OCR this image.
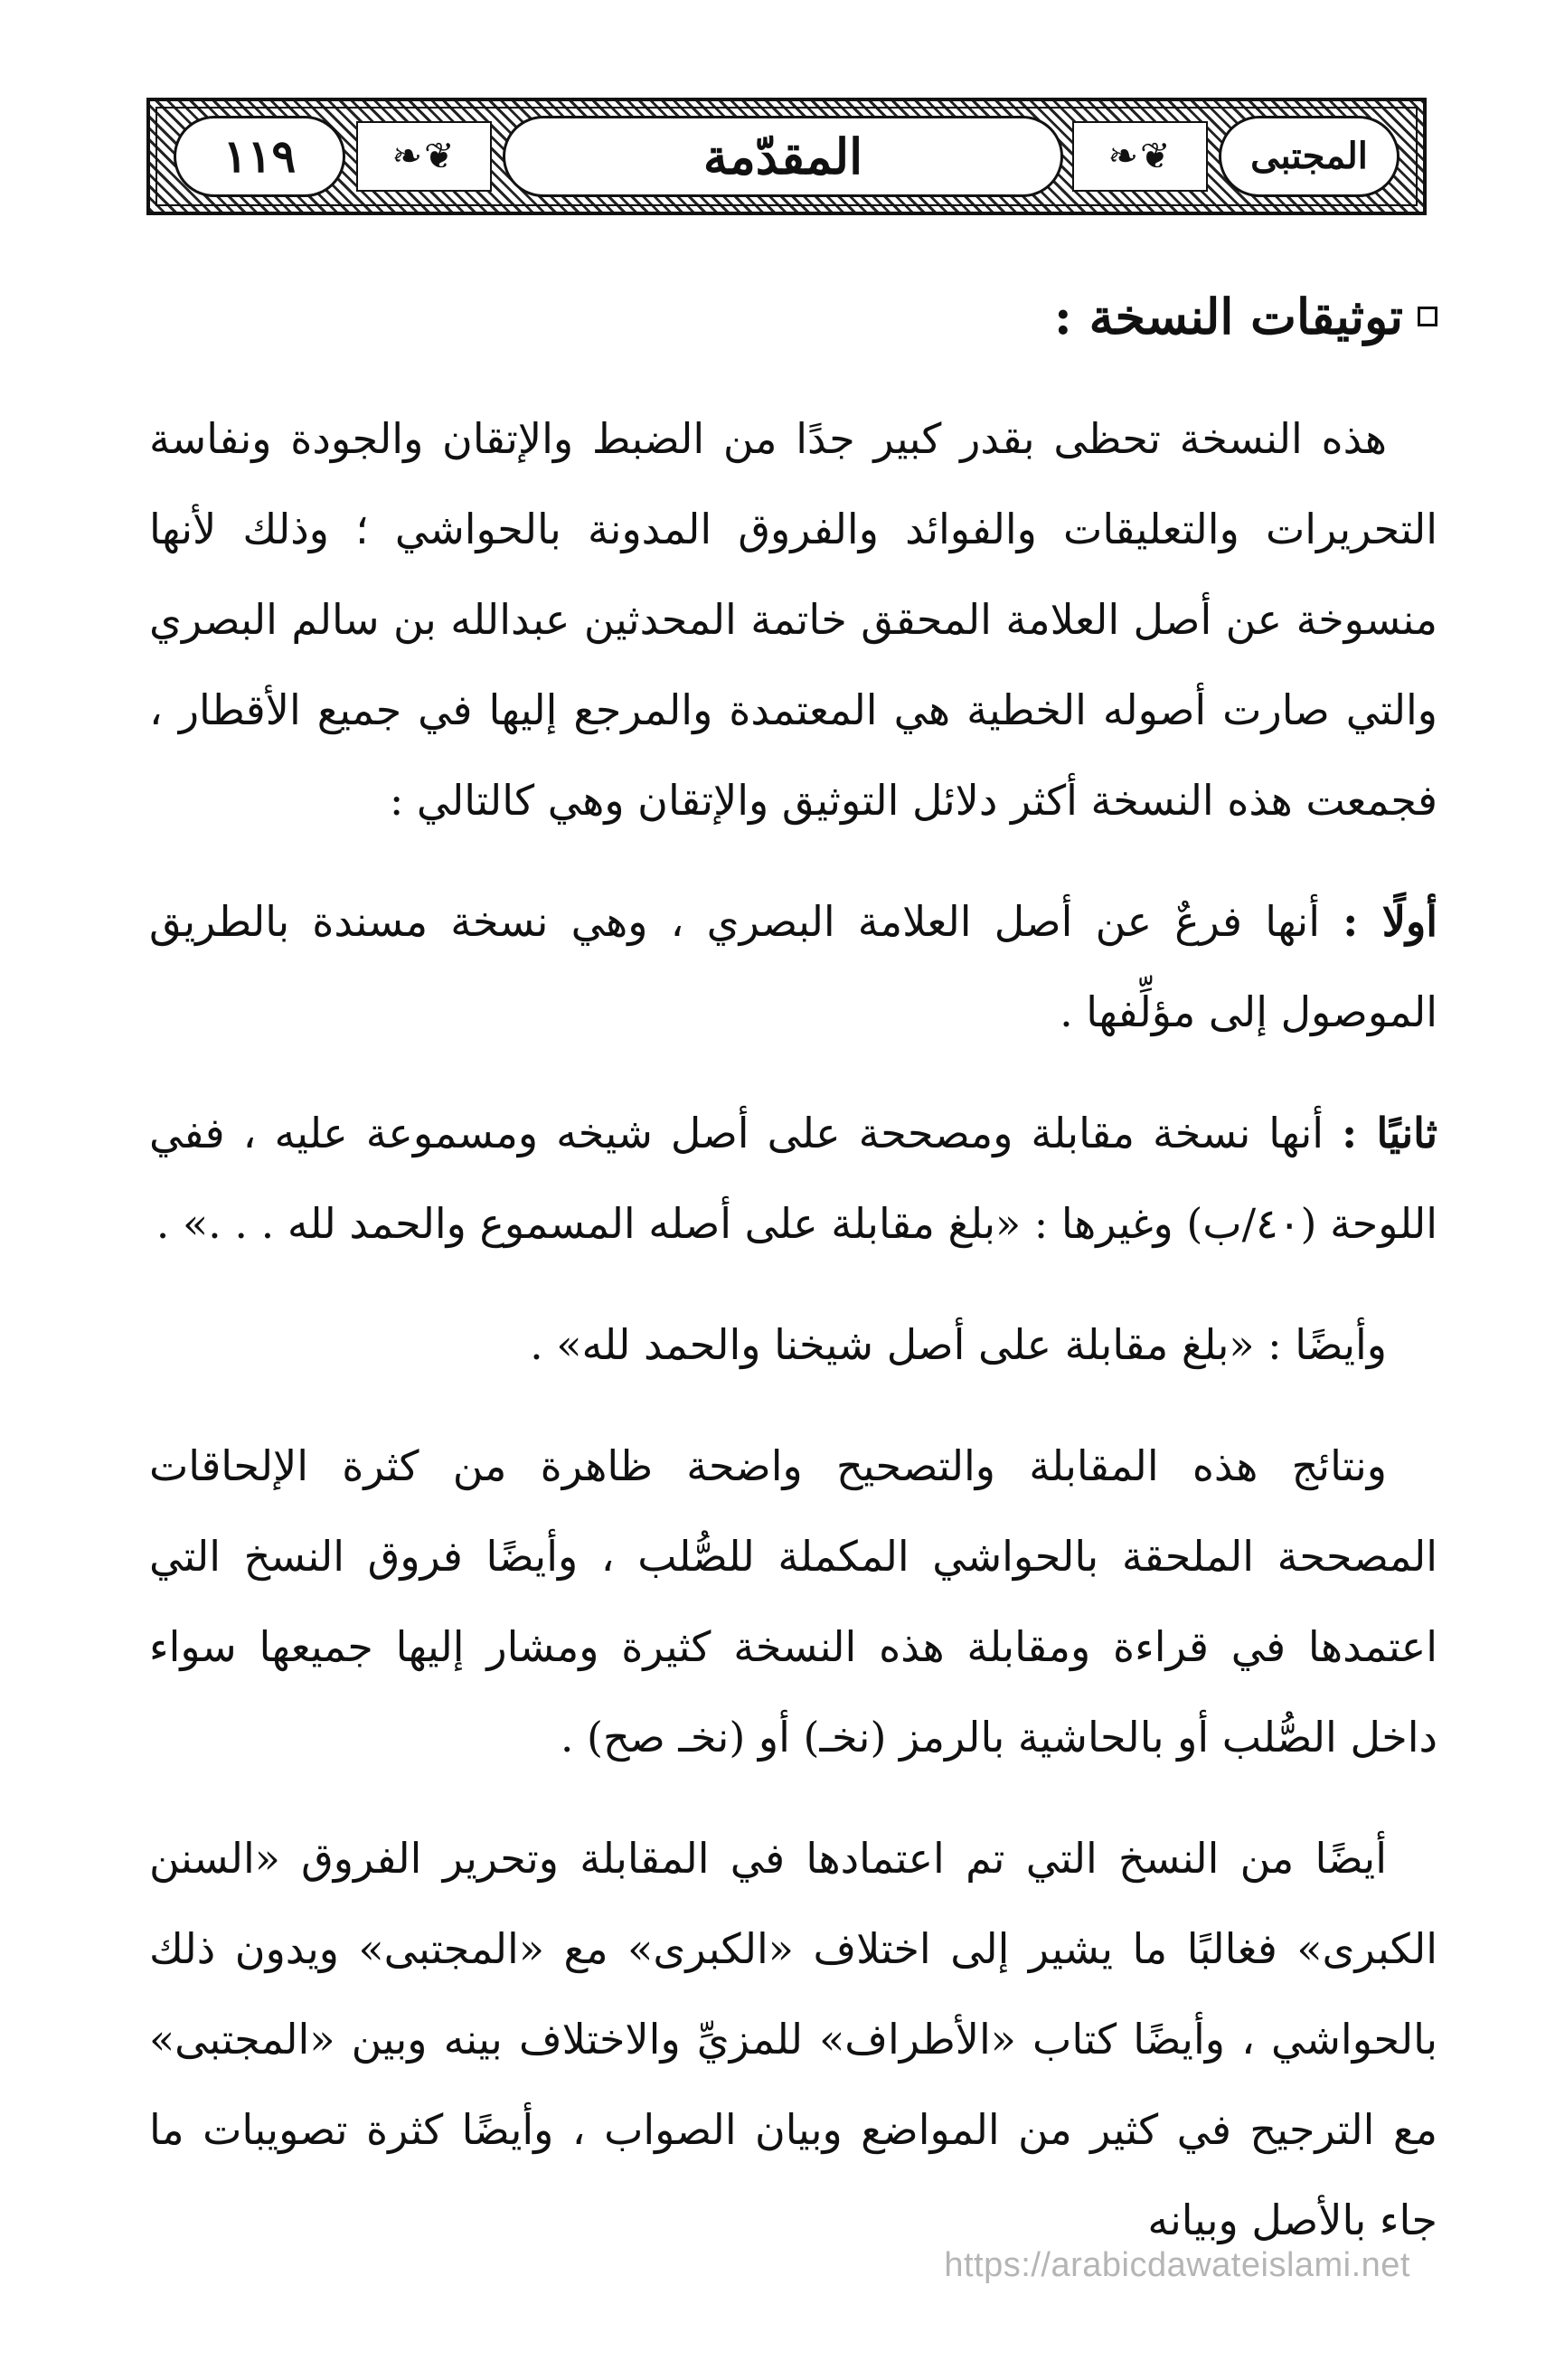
المجتبى
❦❧
المقدّمة
❦❧
١١٩
توثيقات النسخة :

هذه النسخة تحظى بقدر كبير جدًا من الضبط والإتقان والجودة ونفاسة التحريرات والتعليقات والفوائد والفروق المدونة بالحواشي ؛ وذلك لأنها منسوخة عن أصل العلامة المحقق خاتمة المحدثين عبدالله بن سالم البصري والتي صارت أصوله الخطية هي المعتمدة والمرجع إليها في جميع الأقطار ، فجمعت هذه النسخة أكثر دلائل التوثيق والإتقان وهي كالتالي :

أولًا : أنها فرعٌ عن أصل العلامة البصري ، وهي نسخة مسندة بالطريق الموصول إلى مؤلِّفها .

ثانيًا : أنها نسخة مقابلة ومصححة على أصل شيخه ومسموعة عليه ، ففي اللوحة (٤٠/ب) وغيرها : «بلغ مقابلة على أصله المسموع والحمد لله . . .» .

وأيضًا : «بلغ مقابلة على أصل شيخنا والحمد لله» .

ونتائج هذه المقابلة والتصحيح واضحة ظاهرة من كثرة الإلحاقات المصححة الملحقة بالحواشي المكملة للصُّلب ، وأيضًا فروق النسخ التي اعتمدها في قراءة ومقابلة هذه النسخة كثيرة ومشار إليها جميعها سواء داخل الصُّلب أو بالحاشية بالرمز (نخـ) أو (نخـ صح) .

أيضًا من النسخ التي تم اعتمادها في المقابلة وتحرير الفروق «السنن الكبرى» فغالبًا ما يشير إلى اختلاف «الكبرى» مع «المجتبى» ويدون ذلك بالحواشي ، وأيضًا كتاب «الأطراف» للمزيِّ والاختلاف بينه وبين «المجتبى» مع الترجيح في كثير من المواضع وبيان الصواب ، وأيضًا كثرة تصويبات ما جاء بالأصل وبيانه

https://arabicdawateislami.net
